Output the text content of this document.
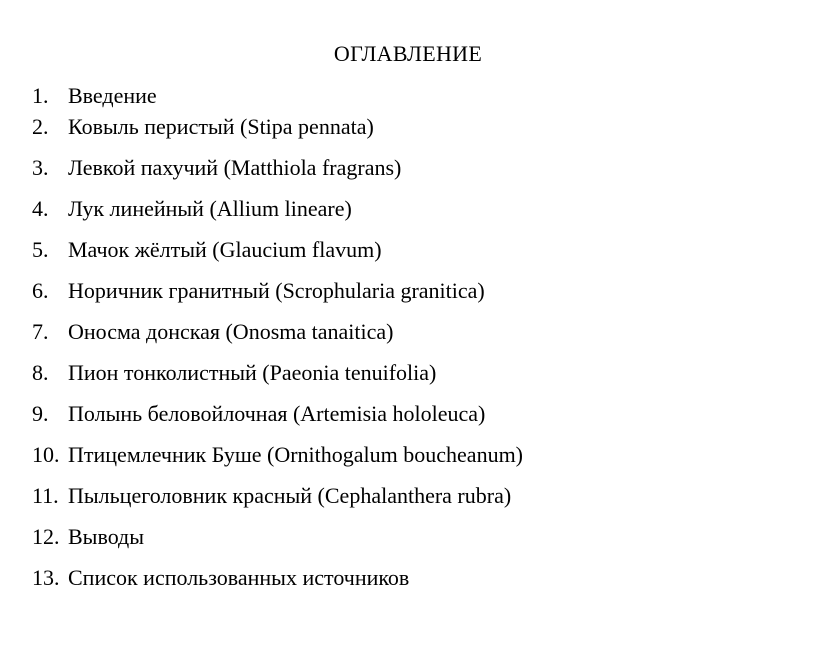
ОГЛАВЛЕНИЕ
1. Введение
2. Ковыль перистый (Stipa pennata)
3. Левкой пахучий (Matthiola fragrans)
4. Лук линейный (Allium lineare)
5. Мачок жёлтый (Glaucium flavum)
6. Норичник гранитный (Scrophularia granitica)
7. Оносма донская (Onosma tanaitica)
8. Пион тонколистный (Paeonia tenuifolia)
9. Полынь беловойлочная (Artemisia hololeuca)
10. Птицемлечник Буше (Ornithogalum boucheanum)
11. Пыльцеголовник красный (Cephalanthera rubra)
12. Выводы
13. Список использованных источников
